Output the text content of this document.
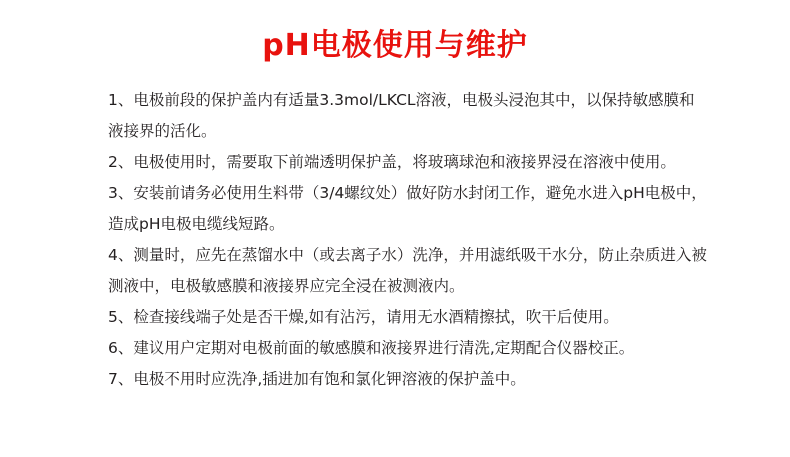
pH电极使用与维护

1、电极前段的保护盖内有适量3.3mol/LKCL溶液，电极头浸泡其中，以保持敏感膜和液接界的活化。

2、电极使用时，需要取下前端透明保护盖，将玻璃球泡和液接界浸在溶液中使用。

3、安装前请务必使用生料带（3/4螺纹处）做好防水封闭工作，避免水进入pH电极中，造成pH电极电缆线短路。

4、测量时，应先在蒸馏水中（或去离子水）洗净，并用滤纸吸干水分，防止杂质进入被测液中，电极敏感膜和液接界应完全浸在被测液内。

5、检查接线端子处是否干燥,如有沾污，请用无水酒精擦拭，吹干后使用。

6、建议用户定期对电极前面的敏感膜和液接界进行清洗,定期配合仪器校正。

7、电极不用时应洗净,插进加有饱和氯化钾溶液的保护盖中。
